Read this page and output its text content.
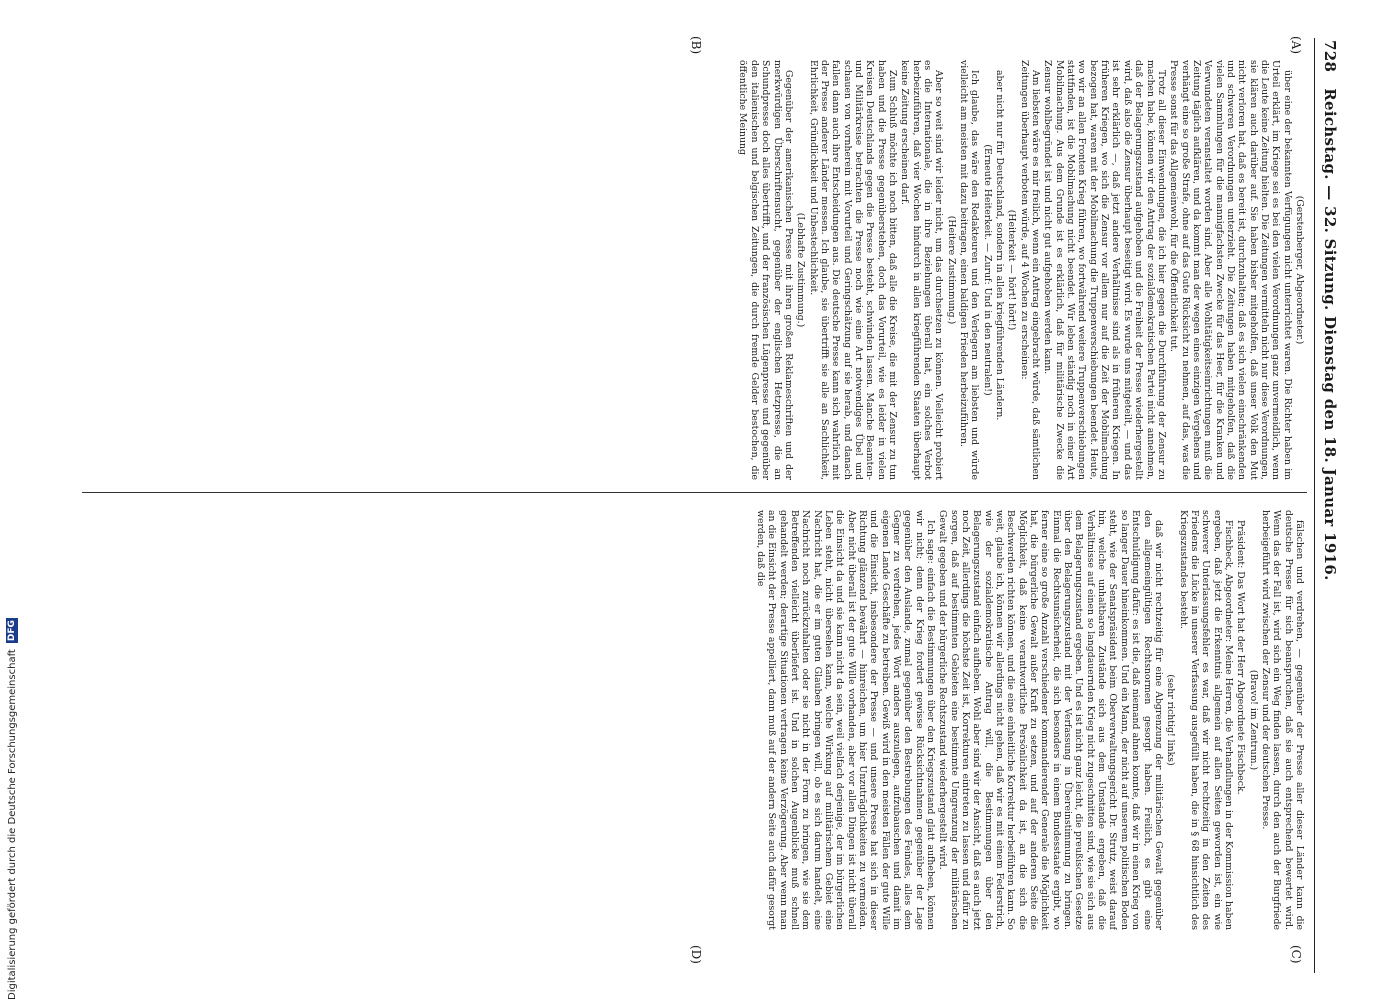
728
Reichstag. — 32. Sitzung. Dienstag den 18. Januar 1916.
(A)
(B)
(C)
(D)

(Gerstenberger, Abgeordneter.)

über eine der bekannten Verfügungen nicht unterrichtet waren. Die Richter haben im Urteil erklärt, im Kriege sei es bei den vielen Verordnungen ganz unvermeidlich, wenn die Leute keine Zeitung hielten. Die Zeitungen vermitteln nicht nur diese Verordnungen, sie klären auch darüber auf. Sie haben bisher mitgeholfen, daß unser Volk den Mut nicht verloren hat, daß es bereit ist, durchzuhalten; daß es sich vielen einschränkenden und schweren Verordnungen unterzieht. Die Zeitungen haben mitgeholfen, daß die vielen Sammlungen für die mannigfachsten Zwecke für das Heer, für die Kranken und Verwundeten veranstaltet worden sind. Aber alle Wohltätigkeitseinrichtungen muß die Zeitung täglich aufklären, und da kommt man der wegen eines einzigen Vergehens und verhängt eine so große Strafe, ohne auf das Gute Rücksicht zu nehmen, auf das, was die Presse sonst für das Allgemeinwohl, für die Öffentlichkeit tut.

Trotz all dieser Einwendungen, die ich hier gegen die Durchführung der Zensur zu machen habe, können wir den Antrag der sozialdemokratischen Partei nicht annehmen, daß der Belagerungszustand aufgehoben und die Freiheit der Presse wiederhergestellt wird, daß also die Zensur überhaupt beseitigt wird. Es wurde uns mitgeteilt, — und das ist sehr erklärlich —, daß jetzt andere Verhältnisse sind als in früheren Kriegen. In früheren Kriegen, wo sich die Zensur vor allem nur auf die Zeit der Mobilmachung bezogen hat, waren mit der Mobilmachung die Truppenverschiebungen beendet. Heute, wo wir an allen Fronten Krieg führen, wo fortwährend weitere Truppenverschiebungen stattfinden, ist die Mobilmachung nicht beendet. Wir leben ständig noch in einer Art Mobilmachung. Aus dem Grunde ist es erklärlich, daß für militärische Zwecke die Zensur wohlbegründet ist und nicht gut aufgehoben werden kann.

Am liebsten wäre es mir freilich, wenn ein Antrag eingebracht würde, daß sämtlichen Zeitungen überhaupt verboten würde, auf 4 Wochen zu erscheinen:

(Heiterkeit — hört! hört!)

aber nicht nur für Deutschland, sondern in allen kriegführenden Ländern.

(Erneute Heiterkeit. — Zuruf: Und in den neutralen!)

Ich glaube, das wäre den Redakteuren und den Verlegern am liebsten und würde vielleicht am meisten mit dazu beitragen, einen baldigen Frieden herbeizuführen.

(Heitere Zustimmung.)

Aber so weit sind wir leider nicht, um das durchsetzen zu können. Vielleicht probiert es die Internationale, die in ihre Beziehungen überall hat, ein solches Verbot herbeizuführen, daß vier Wochen hindurch in allen kriegführenden Staaten überhaupt keine Zeitung erscheinen darf.

Zum Schluß möchte ich noch bitten, daß alle die Kreise, die mit der Zensur zu tun haben und die Presse gegenüberstehen, doch das Vorurteil, wie es leider in vielen Kreisen Deutschlands gegen die Presse besteht, schwinden lassen. Manche Beamten- und Militärkreise betrachten die Presse noch wie eine Art notwendiges Übel und schauen von vornherein mit Vorurteil und Geringschätzung auf sie herab, und danach fallen dann auch ihre Entscheidungen aus. Die deutsche Presse kann sich wahrlich mit der Presse anderer Länder messen. Ich glaube, sie übertrifft sie alle an Sachlichkeit, Ehrlichkeit, Gründlichkeit und Unbestechlichkeit.

(Lebhafte Zustimmung.)

Gegenüber der amerikanischen Presse mit ihren großen Reklameschriften und der merkwürdigen Überschriftensucht, gegenüber der englischen Hetzpresse, die an Schundpresse doch alles übertrifft, und der französischen Lügenpresse und gegenüber den italienischen und belgischen Zeitungen, die durch fremde Gelder bestochen, die öffentliche Meinung

fälschen und verdrehen, — gegenüber der Presse aller dieser Länder kann die deutsche Presse für sich beanspruchen, daß sie auch entsprechend bewertet wird. Wenn das der Fall ist, wird sich ein Weg finden lassen, durch den auch der Burgfriede herbeigeführt wird zwischen der Zensur und der deutschen Presse.

(Bravo! im Zentrum.)

Präsident: Das Wort hat der Herr Abgeordnete Fischbeck.

Fischbeck, Abgeordneter: Meine Herren, die Verhandlungen in der Kommission haben ergeben, daß jetzt die Erkenntnis allgemein auf allen Seiten geworden ist, ein wie schwerer Unterlassungsfehler es war, daß wir nicht rechtzeitig in den Zeiten des Friedens die Lücke in unserer Verfassung ausgefüllt haben, die in § 68 hinsichtlich des Kriegszustandes besteht.

(sehr richtig! links)

daß wir nicht rechtzeitig für eine Abgrenzung der militärischen Gewalt gegenüber den allgemeingültigen Rechtsnormen gesorgt haben. Freilich, es gibt eine Entschuldigung dafür: es ist die, daß niemand ahnen konnte, daß wir in einen Krieg von so langer Dauer hineinkommen. Und ein Mann, der nicht auf unserem politischen Boden steht, wie der Senatspräsident beim Oberverwaltungsgericht Dr. Strutz, weist darauf hin, welche unhaltbaren Zustände sich aus dem Umstande ergeben, daß die Verhältnisse auf einen so langdauernden Krieg nicht zugeschnitten sind, wie sie sich aus dem Belagerungszustand ergeben. Und es ist nicht ganz leicht, die preußischen Gesetze über den Belagerungszustand mit der Verfassung in Übereinstimmung zu bringen. Einmal die Rechtsunsicherheit, die sich besonders in einem Bundesstaate ergibt, wo ferner eine so große Anzahl verschiedener kommandierender Generale die Möglichkeit hat, die bürgerliche Gewalt außer Kraft zu setzen, und auf der anderen Seite die Möglichkeit, daß keine verantwortliche Persönlichkeit da ist, an die sich die Beschwerden richten können, und die eine einheitliche Korrektur herbeiführen kann. So weit, glaube ich, können wir allerdings nicht gehen, daß wir es mit einem Federstrich, wie der sozialdemokratische Antrag will, die Bestimmungen über den Belagerungszustand einfach aufheben. Wohl aber sind wir der Ansicht, daß es auch jetzt noch Zeit, allerdings die höchste Zeit ist, Korrekturen eintreten zu lassen und dafür zu sorgen, daß auf bestimmten Gebieten eine bestimmte Umgrenzung der militärischen Gewalt gegeben und der bürgerliche Rechtszustand wiederhergestellt wird.

Ich sage: einfach die Bestimmungen über den Kriegszustand glatt aufheben, können wir nicht; denn der Krieg fordert gewisse Rücksichtnahmen gegenüber der Lage gegenüber den Auslande, zumal gegenüber den Bestrebungen des Feindes, alles dem Gegner zu verdrehen, jedes Wort anders auszulegen, aufzubauschen und damit im eigenen Lande Geschäfte zu betreiben. Gewiß wird in den meisten Fällen der gute Wille und die Einsicht, insbesondere der Presse — und unsere Presse hat sich in dieser Richtung glänzend bewährt — hinreichen, um hier Unzuträglichkeiten zu vermeiden. Aber nicht überall ist der gute Wille vorhanden, aber vor allen Dingen ist nicht überall die Einsicht da und sie kann nicht da sein, weil vielfach derjenige, der im bürgerlichen Leben steht, nicht übersehen kann, welche Wirkung auf militärischem Gebiet eine Nachricht hat, die er im guten Glauben bringen will, ob es sich darum handelt, eine Nachricht noch zurückzuhalten oder sie nicht in der Form zu bringen, wie sie dem Betreffenden vielleicht überliefert ist. Und in solchen Augenblicke muß schnell gehandelt werden; derartige Situationen vertragen keine Verzögerung. Aber wenn man an die Einsicht der Presse appelliert, dann muß auf der andern Seite auch dafür gesorgt werden, daß die

Digitalisierung gefördert durch die Deutsche Forschungsgemeinschaft
DFG
